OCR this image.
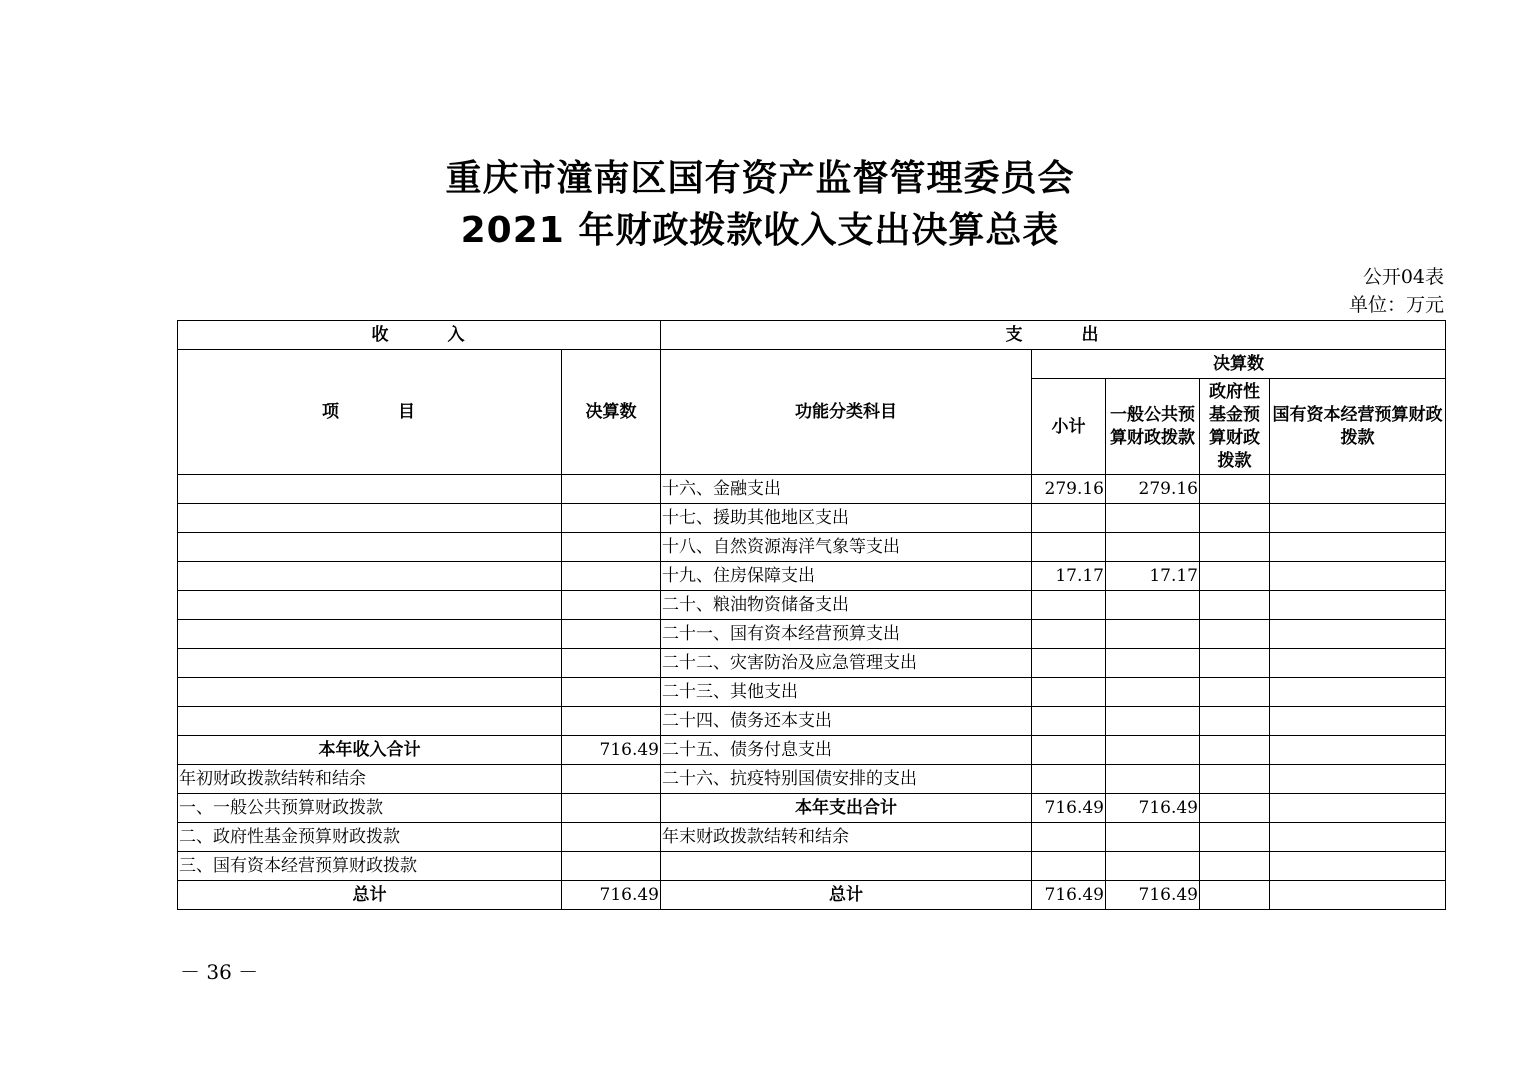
重庆市潼南区国有资产监督管理委员会
2021 年财政拨款收入支出决算总表
公开04表
单位：万元
收　　　入		支　　　出				
项　　　目	决算数	功能分类科目	决算数			
			小计	一般公共预算财政拨款	政府性基金预算财政拨款	国有资本经营预算财政拨款
		十六、金融支出	279.16	279.16		
		十七、援助其他地区支出				
		十八、自然资源海洋气象等支出				
		十九、住房保障支出	17.17	17.17		
		二十、粮油物资储备支出				
		二十一、国有资本经营预算支出				
		二十二、灾害防治及应急管理支出				
		二十三、其他支出				
		二十四、债务还本支出				
本年收入合计	716.49	二十五、债务付息支出				
年初财政拨款结转和结余		二十六、抗疫特别国债安排的支出				
一、一般公共预算财政拨款		本年支出合计	716.49	716.49		
二、政府性基金预算财政拨款		年末财政拨款结转和结余				
三、国有资本经营预算财政拨款						
总计	716.49	总计	716.49	716.49		
－ 36 －
